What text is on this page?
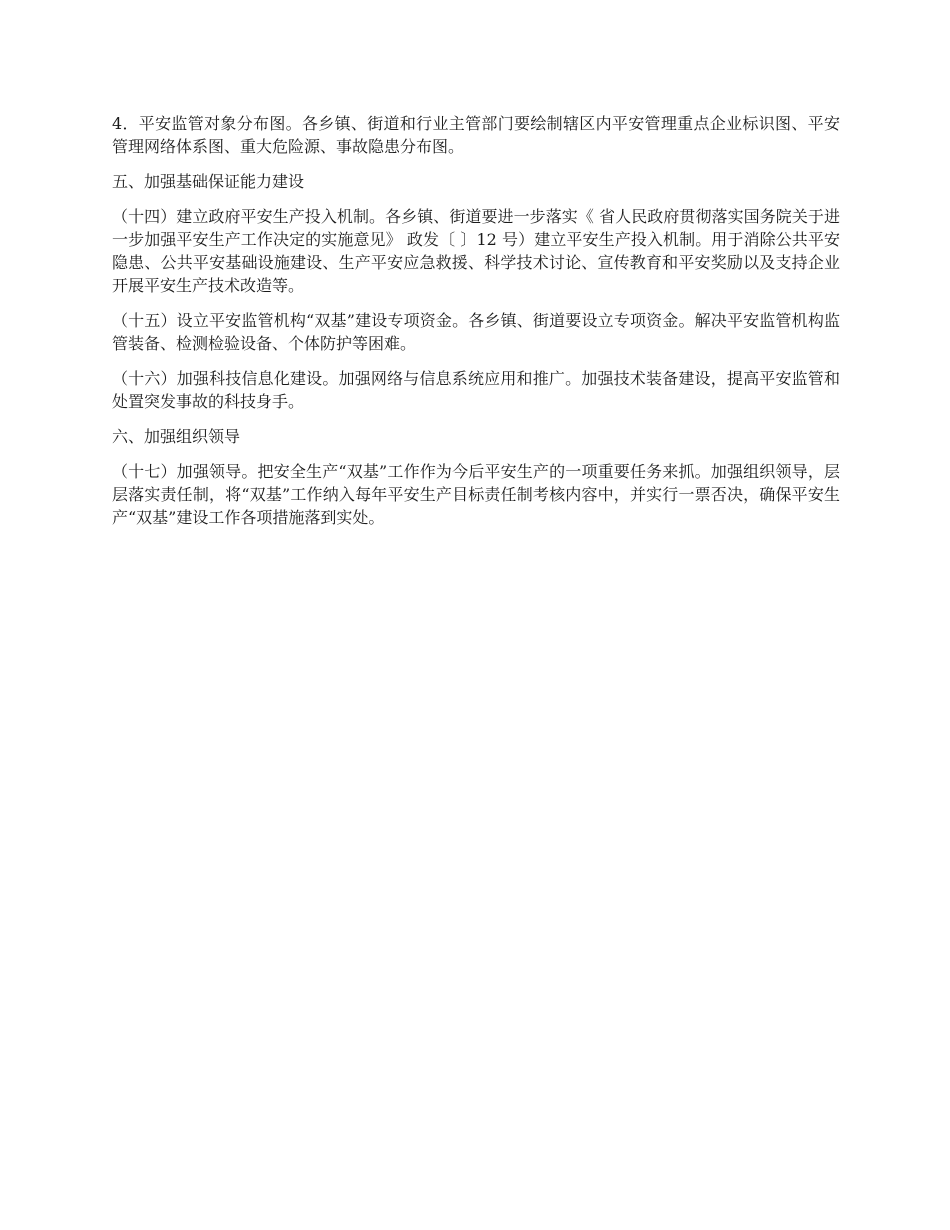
4．平安监管对象分布图。各乡镇、街道和行业主管部门要绘制辖区内平安管理重点企业标识图、平安管理网络体系图、重大危险源、事故隐患分布图。

五、加强基础保证能力建设

（十四）建立政府平安生产投入机制。各乡镇、街道要进一步落实《 省人民政府贯彻落实国务院关于进一步加强平安生产工作决定的实施意见》 政发〔 〕12 号）建立平安生产投入机制。用于消除公共平安隐患、公共平安基础设施建设、生产平安应急救援、科学技术讨论、宣传教育和平安奖励以及支持企业开展平安生产技术改造等。

（十五）设立平安监管机构“双基”建设专项资金。各乡镇、街道要设立专项资金。解决平安监管机构监管装备、检测检验设备、个体防护等困难。

（十六）加强科技信息化建设。加强网络与信息系统应用和推广。加强技术装备建设，提高平安监管和处置突发事故的科技身手。

六、加强组织领导

（十七）加强领导。把安全生产“双基”工作作为今后平安生产的一项重要任务来抓。加强组织领导，层层落实责任制，将“双基”工作纳入每年平安生产目标责任制考核内容中，并实行一票否决，确保平安生产“双基”建设工作各项措施落到实处。
